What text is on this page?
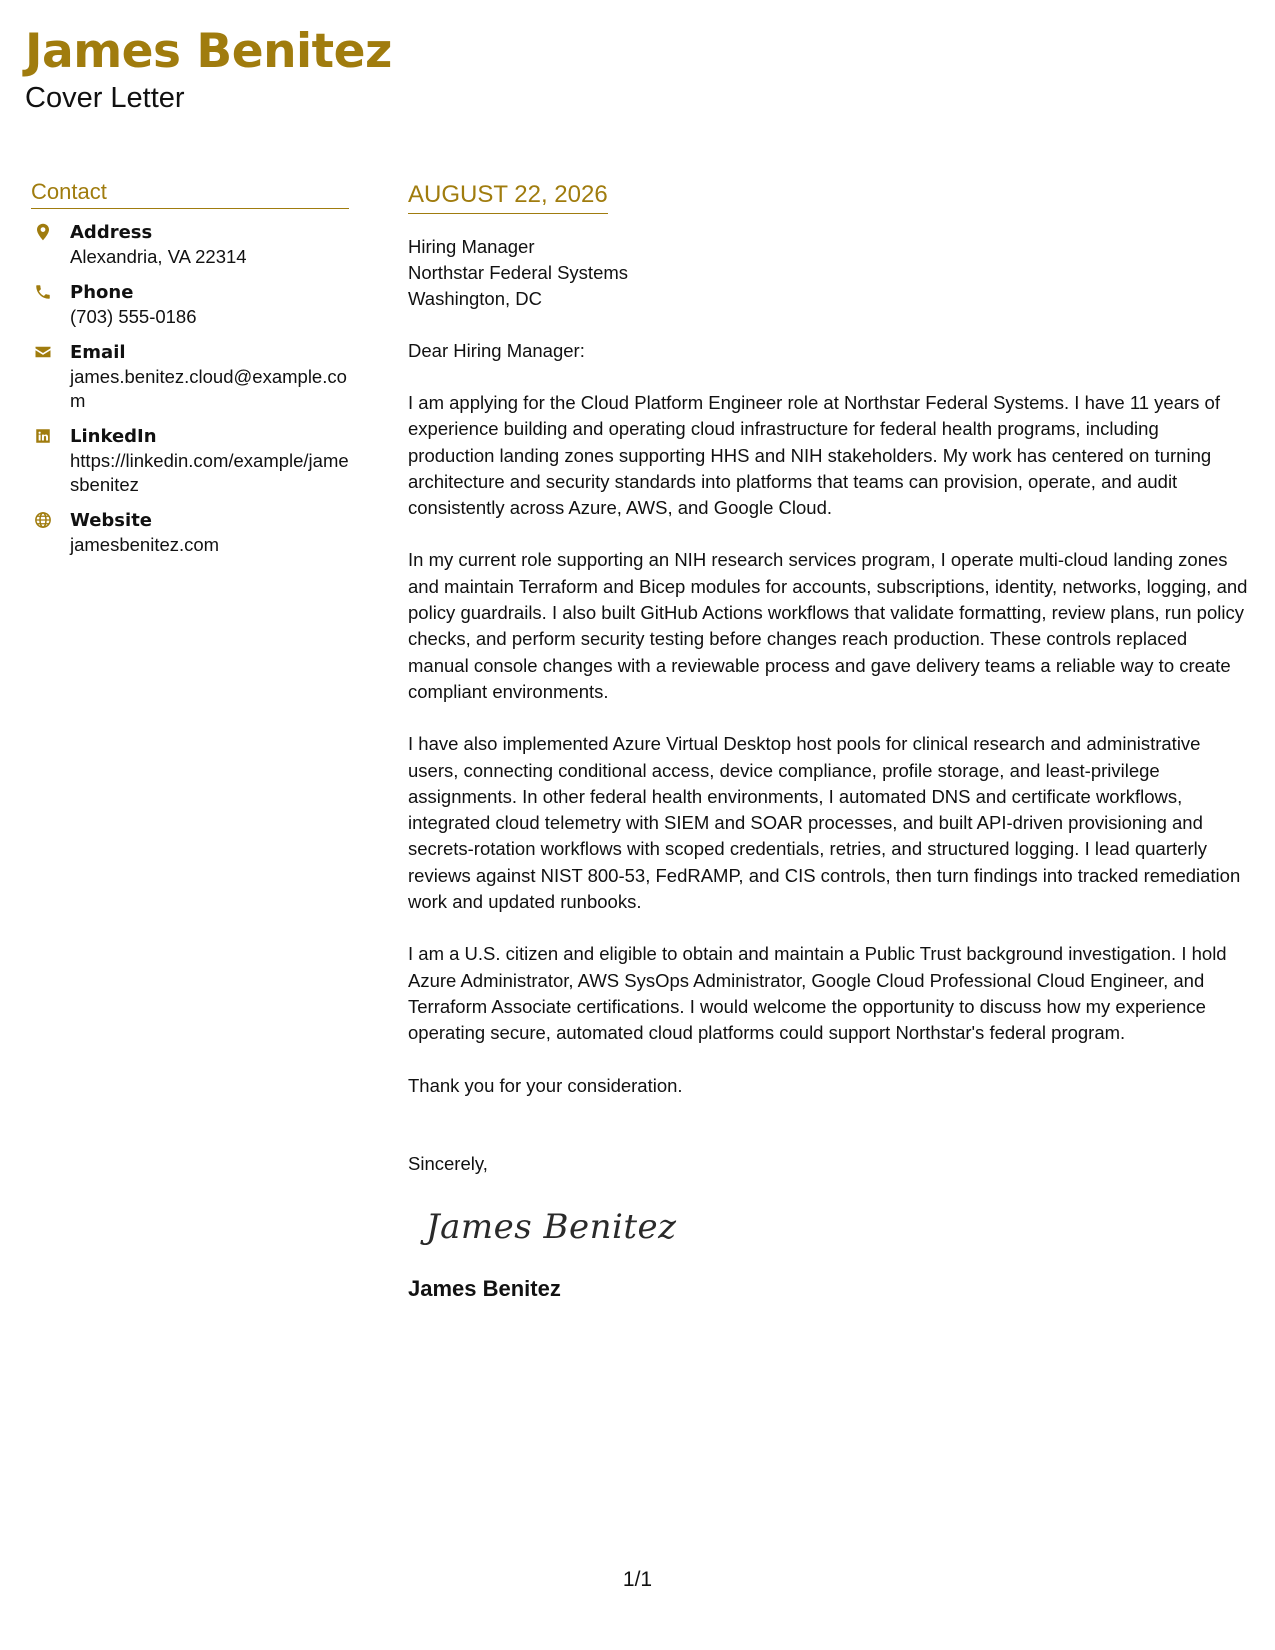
James Benitez
Cover Letter
Contact
Address
Alexandria, VA 22314
Phone
(703) 555-0186
Email
james.benitez.cloud@example.com
LinkedIn
https://linkedin.com/example/jamesbenitez
Website
jamesbenitez.com
AUGUST 22, 2026
Hiring Manager
Northstar Federal Systems
Washington, DC
Dear Hiring Manager:
I am applying for the Cloud Platform Engineer role at Northstar Federal Systems. I have 11 years of experience building and operating cloud infrastructure for federal health programs, including production landing zones supporting HHS and NIH stakeholders. My work has centered on turning architecture and security standards into platforms that teams can provision, operate, and audit consistently across Azure, AWS, and Google Cloud.
In my current role supporting an NIH research services program, I operate multi-cloud landing zones and maintain Terraform and Bicep modules for accounts, subscriptions, identity, networks, logging, and policy guardrails. I also built GitHub Actions workflows that validate formatting, review plans, run policy checks, and perform security testing before changes reach production. These controls replaced manual console changes with a reviewable process and gave delivery teams a reliable way to create compliant environments.
I have also implemented Azure Virtual Desktop host pools for clinical research and administrative users, connecting conditional access, device compliance, profile storage, and least-privilege assignments. In other federal health environments, I automated DNS and certificate workflows, integrated cloud telemetry with SIEM and SOAR processes, and built API-driven provisioning and secrets-rotation workflows with scoped credentials, retries, and structured logging. I lead quarterly reviews against NIST 800-53, FedRAMP, and CIS controls, then turn findings into tracked remediation work and updated runbooks.
I am a U.S. citizen and eligible to obtain and maintain a Public Trust background investigation. I hold Azure Administrator, AWS SysOps Administrator, Google Cloud Professional Cloud Engineer, and Terraform Associate certifications. I would welcome the opportunity to discuss how my experience operating secure, automated cloud platforms could support Northstar's federal program.
Thank you for your consideration.
Sincerely,
James Benitez
James Benitez
1/1
